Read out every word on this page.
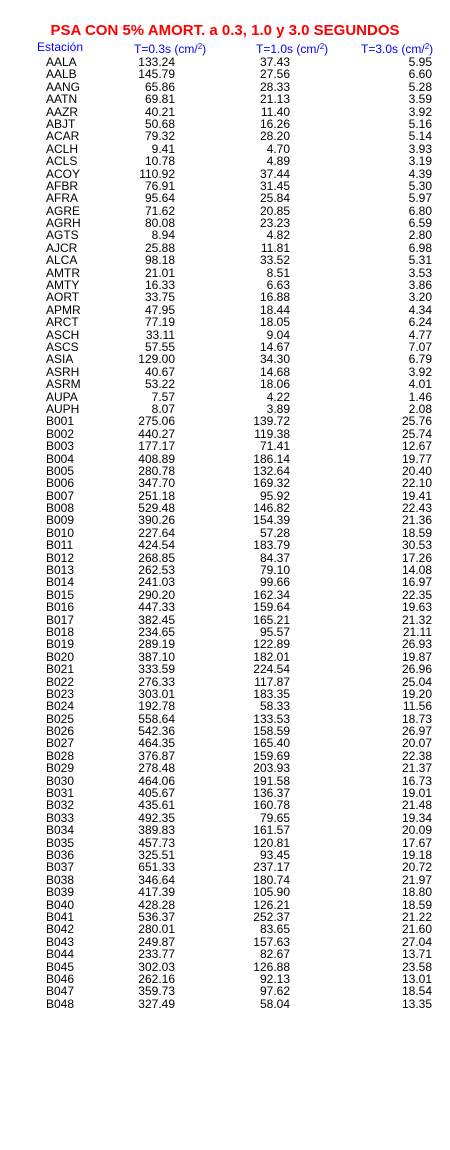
PSA CON 5% AMORT. a 0.3, 1.0 y 3.0 SEGUNDOS
Estación	T=0.3s (cm/$^2$)	T=1.0s (cm/$^2$)	T=3.0s (cm/$^2$)
AALA	133.24	37.43	5.95
AALB	145.79	27.56	6.60
AANG	65.86	28.33	5.28
AATN	69.81	21.13	3.59
AAZR	40.21	11.40	3.92
ABJT	50.68	16.26	5.16
ACAR	79.32	28.20	5.14
ACLH	9.41	4.70	3.93
ACLS	10.78	4.89	3.19
ACOY	110.92	37.44	4.39
AFBR	76.91	31.45	5.30
AFRA	95.64	25.84	5.97
AGRE	71.62	20.85	6.80
AGRH	80.08	23.23	6.59
AGTS	8.94	4.82	2.80
AJCR	25.88	11.81	6.98
ALCA	98.18	33.52	5.31
AMTR	21.01	8.51	3.53
AMTY	16.33	6.63	3.86
AORT	33.75	16.88	3.20
APMR	47.95	18.44	4.34
ARCT	77.19	18.05	6.24
ASCH	33.11	9.04	4.77
ASCS	57.55	14.67	7.07
ASIA	129.00	34.30	6.79
ASRH	40.67	14.68	3.92
ASRM	53.22	18.06	4.01
AUPA	7.57	4.22	1.46
AUPH	8.07	3.89	2.08
B001	275.06	139.72	25.76
B002	440.27	119.38	25.74
B003	177.17	71.41	12.67
B004	408.89	186.14	19.77
B005	280.78	132.64	20.40
B006	347.70	169.32	22.10
B007	251.18	95.92	19.41
B008	529.48	146.82	22.43
B009	390.26	154.39	21.36
B010	227.64	57.28	18.59
B011	424.54	183.79	30.53
B012	268.85	84.37	17.26
B013	262.53	79.10	14.08
B014	241.03	99.66	16.97
B015	290.20	162.34	22.35
B016	447.33	159.64	19.63
B017	382.45	165.21	21.32
B018	234.65	95.57	21.11
B019	289.19	122.89	26.93
B020	387.10	182.01	19.87
B021	333.59	224.54	26.96
B022	276.33	117.87	25.04
B023	303.01	183.35	19.20
B024	192.78	58.33	11.56
B025	558.64	133.53	18.73
B026	542.36	158.59	26.97
B027	464.35	165.40	20.07
B028	376.87	159.69	22.38
B029	278.48	203.93	21.37
B030	464.06	191.58	16.73
B031	405.67	136.37	19.01
B032	435.61	160.78	21.48
B033	492.35	79.65	19.34
B034	389.83	161.57	20.09
B035	457.73	120.81	17.67
B036	325.51	93.45	19.18
B037	651.33	237.17	20.72
B038	346.64	180.74	21.97
B039	417.39	105.90	18.80
B040	428.28	126.21	18.59
B041	536.37	252.37	21.22
B042	280.01	83.65	21.60
B043	249.87	157.63	27.04
B044	233.77	82.67	13.71
B045	302.03	126.88	23.58
B046	262.16	92.13	13.01
B047	359.73	97.62	18.54
B048	327.49	58.04	13.35
